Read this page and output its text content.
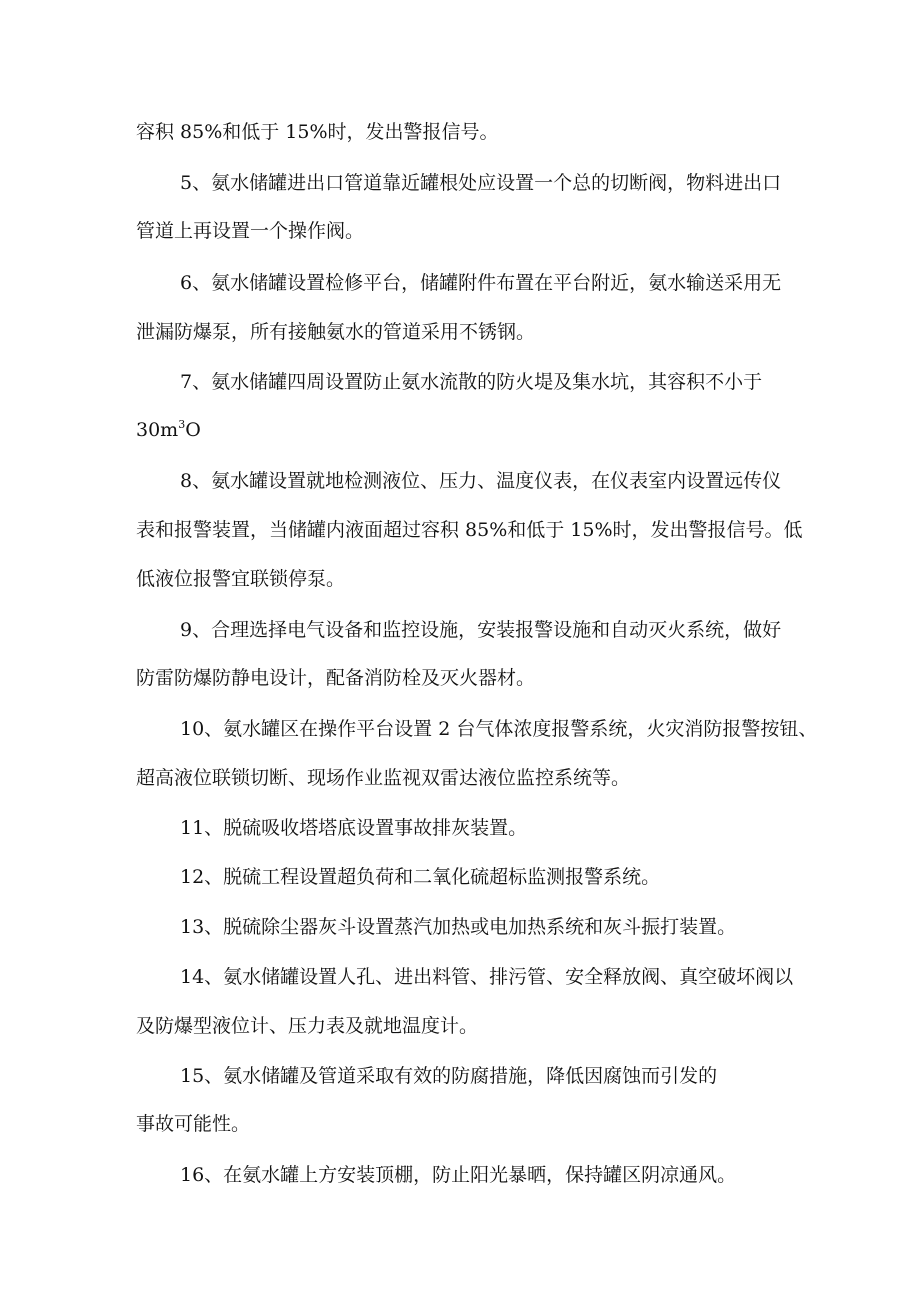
容积 85%和低于 15%时，发出警报信号。
5、氨水储罐进出口管道靠近罐根处应设置一个总的切断阀，物料进出口
管道上再设置一个操作阀。
6、氨水储罐设置检修平台，储罐附件布置在平台附近，氨水输送采用无
泄漏防爆泵，所有接触氨水的管道采用不锈钢。
7、氨水储罐四周设置防止氨水流散的防火堤及集水坑，其容积不小于
$30m^3O$
8、氨水罐设置就地检测液位、压力、温度仪表，在仪表室内设置远传仪
表和报警装置，当储罐内液面超过容积 85%和低于 15%时，发出警报信号。低
低液位报警宜联锁停泵。
9、合理选择电气设备和监控设施，安装报警设施和自动灭火系统，做好
防雷防爆防静电设计，配备消防栓及灭火器材。
10、氨水罐区在操作平台设置 2 台气体浓度报警系统，火灾消防报警按钮、
超高液位联锁切断、现场作业监视双雷达液位监控系统等。
11、脱硫吸收塔塔底设置事故排灰装置。
12、脱硫工程设置超负荷和二氧化硫超标监测报警系统。
13、脱硫除尘器灰斗设置蒸汽加热或电加热系统和灰斗振打装置。
14、氨水储罐设置人孔、进出料管、排污管、安全释放阀、真空破坏阀以
及防爆型液位计、压力表及就地温度计。
15、氨水储罐及管道采取有效的防腐措施，降低因腐蚀而引发的
事故可能性。
16、在氨水罐上方安装顶棚，防止阳光暴晒，保持罐区阴凉通风。
